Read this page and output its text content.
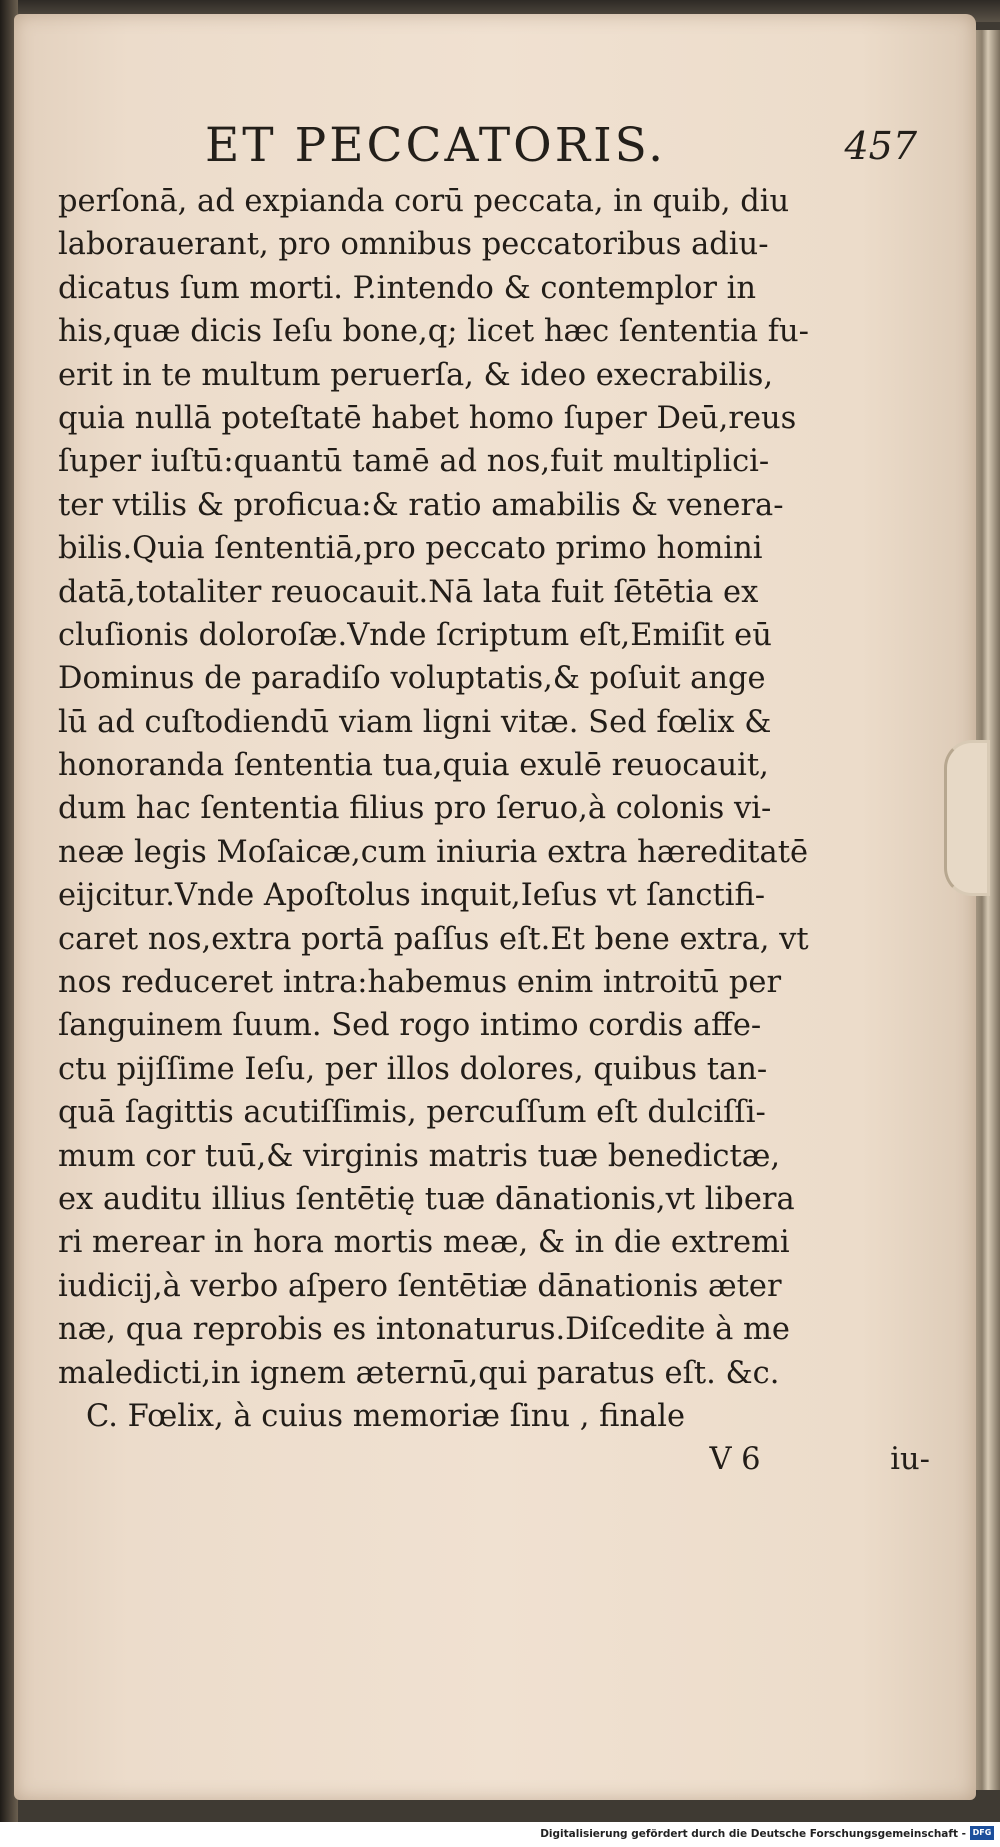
ET PECCATORIS.	457
perſonā, ad expianda corū peccata, in quib, diu
laborauerant, pro omnibus peccatoribus adiu-
dicatus ſum morti. P.intendo & contemplor in
his,quæ dicis Ieſu bone,q; licet hæc ſententia fu-
erit in te multum peruerſa, & ideo execrabilis,
quia nullā poteſtatē habet homo ſuper Deū,reus
ſuper iuſtū:quantū tamē ad nos,fuit multiplici-
ter vtilis & proficua:& ratio amabilis & venera-
bilis.Quia ſententiā,pro peccato primo homini
datā,totaliter reuocauit.Nā lata fuit ſētētia ex
cluſionis doloroſæ.Vnde ſcriptum eſt,Emiſit eū
Dominus de paradiſo voluptatis,& poſuit ange
lū ad cuſtodiendū viam ligni vitæ. Sed fœlix &
honoranda ſententia tua,quia exulē reuocauit,
dum hac ſententia filius pro ſeruo,à colonis vi-
neæ legis Moſaicæ,cum iniuria extra hæreditatē
eijcitur.Vnde Apoſtolus inquit,Ieſus vt ſanctifi-
caret nos,extra portā paſſus eſt.Et bene extra, vt
nos reduceret intra:habemus enim introitū per
ſanguinem ſuum. Sed rogo intimo cordis affe-
ctu pijſſime Ieſu, per illos dolores, quibus tan-
quā ſagittis acutiſſimis, percuſſum eſt dulciſſi-
mum cor tuū,& virginis matris tuæ benedictæ,
ex auditu illius ſentētię tuæ dānationis,vt libera
ri merear in hora mortis meæ, & in die extremi
iudicij,à verbo aſpero ſentētiæ dānationis æter
næ, qua reprobis es intonaturus.Diſcedite à me
maledicti,in ignem æternū,qui paratus eſt. &c.
C. Fœlix, à cuius memoriæ ſinu , finale
V 6	iu-
Digitalisierung gefördert durch die Deutsche Forschungsgemeinschaft - DFG
